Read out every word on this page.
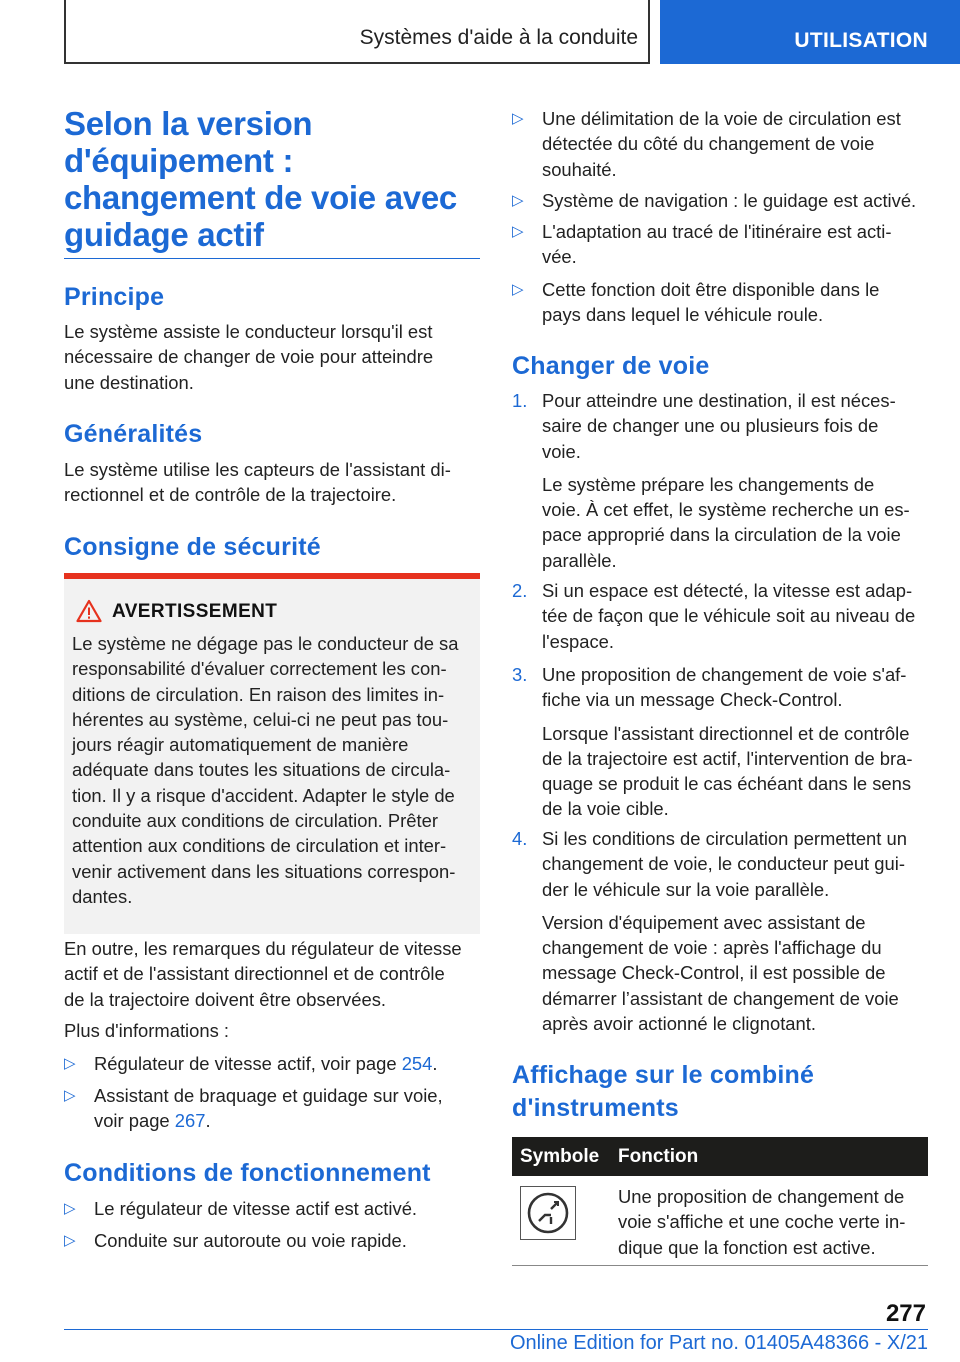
Systèmes d'aide à la conduite	UTILISATION
Selon la version
d'équipement :
changement de voie avec
guidage actif
Principe
Le système assiste le conducteur lorsqu'il est
nécessaire de changer de voie pour atteindre
une destination.
Généralités
Le système utilise les capteurs de l'assistant di‐
rectionnel et de contrôle de la trajectoire.
Consigne de sécurité
AVERTISSEMENT
Le système ne dégage pas le conducteur de sa
responsabilité d'évaluer correctement les con‐
ditions de circulation. En raison des limites in‐
hérentes au système, celui-ci ne peut pas tou‐
jours réagir automatiquement de manière
adéquate dans toutes les situations de circula‐
tion. Il y a risque d'accident. Adapter le style de
conduite aux conditions de circulation. Prêter
attention aux conditions de circulation et inter‐
venir activement dans les situations correspon‐
dantes.
En outre, les remarques du régulateur de vitesse
actif et de l'assistant directionnel et de contrôle
de la trajectoire doivent être observées.
Plus d'informations :
▷	Régulateur de vitesse actif, voir page 254.
▷	Assistant de braquage et guidage sur voie,
voir page 267.
Conditions de fonctionnement
▷	Le régulateur de vitesse actif est activé.
▷	Conduite sur autoroute ou voie rapide.
▷	Une délimitation de la voie de circulation est
détectée du côté du changement de voie
souhaité.
▷	Système de navigation : le guidage est activé.
▷	L'adaptation au tracé de l'itinéraire est acti‐
vée.
▷	Cette fonction doit être disponible dans le
pays dans lequel le véhicule roule.
Changer de voie
1. Pour atteindre une destination, il est néces‐
saire de changer une ou plusieurs fois de
voie.
Le système prépare les changements de
voie. À cet effet, le système recherche un es‐
pace approprié dans la circulation de la voie
parallèle.
2. Si un espace est détecté, la vitesse est adap‐
tée de façon que le véhicule soit au niveau de
l'espace.
3. Une proposition de changement de voie s'af‐
fiche via un message Check-Control.
Lorsque l'assistant directionnel et de contrôle
de la trajectoire est actif, l'intervention de bra‐
quage se produit le cas échéant dans le sens
de la voie cible.
4. Si les conditions de circulation permettent un
changement de voie, le conducteur peut gui‐
der le véhicule sur la voie parallèle.
Version d'équipement avec assistant de
changement de voie : après l'affichage du
message Check-Control, il est possible de
démarrer l’assistant de changement de voie
après avoir actionné le clignotant.
Affichage sur le combiné
d'instruments
Symbole Fonction
Une proposition de changement de
voie s'affiche et une coche verte in‐
dique que la fonction est active.
277
Online Edition for Part no. 01405A48366 - X/21
